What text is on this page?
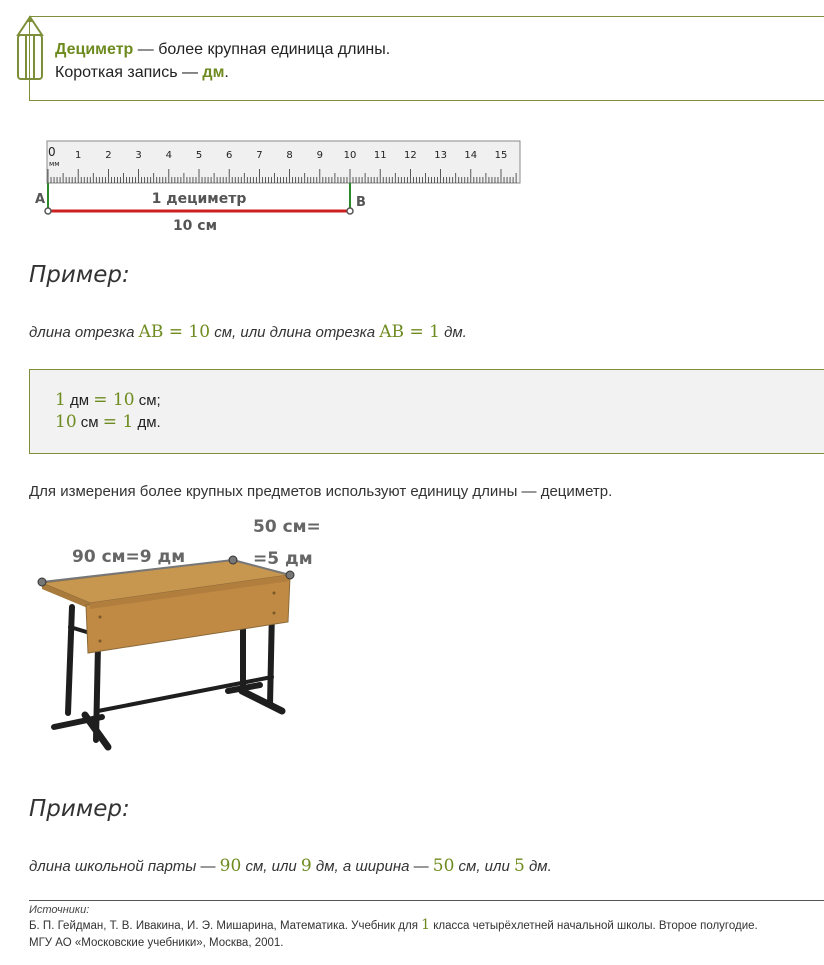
Дециметр — более крупная единица длины.
Короткая запись — дм.
0
мм
1 2 3 4 5 6 7 8 9 10 11 12 13 14 15
A	B
1 дециметр
10 см
Пример:
длина отрезка AB = 10 см, или длина отрезка AB = 1 дм.
1 дм = 10 см;
10 см = 1 дм.
Для измерения более крупных предметов используют единицу длины — дециметр.
90 см=9 дм
50 см=
=5 дм
Пример:
длина школьной парты — 90 см, или 9 дм, а ширина — 50 см, или 5 дм.
Источники:
Б. П. Гейдман, Т. В. Ивакина, И. Э. Мишарина, Математика. Учебник для 1 класса четырёхлетней начальной школы. Второе полугодие.
МГУ АО «Московские учебники», Москва, 2001.
